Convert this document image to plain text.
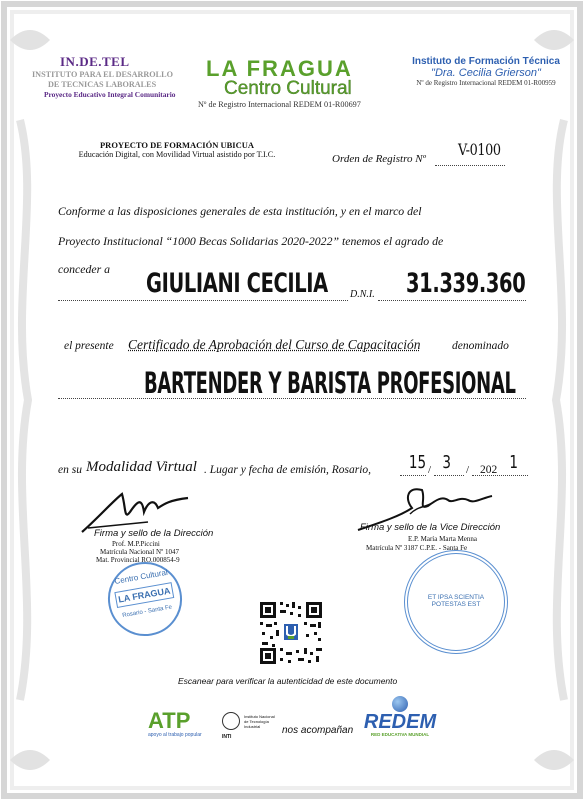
IN.DE.TEL
INSTITUTO PARA EL DESARROLLO
DE TECNICAS LABORALES
Proyecto Educativo Integral Comunitario
LA FRAGUA
Centro Cultural
Nº de Registro Internacional REDEM 01-R00697
Instituto de Formación Técnica
"Dra. Cecilia Grierson"
Nº de Registro Internacional REDEM 01-R00959
PROYECTO DE FORMACIÓN UBICUA
Educación Digital, con Movilidad Virtual asistido por T.I.C.	Orden de Registro Nº V-0100
Conforme a las disposiciones generales de esta institución, y en el marco del
Proyecto Institucional “1000 Becas Solidarias 2020-2022” tenemos el agrado de
conceder a GIULIANI CECILIA D.N.I. 31.339.360
el presente Certificado de Aprobación del Curso de Capacitación	denominado
BARTENDER Y BARISTA PROFESIONAL
en su Modalidad Virtual . Lugar y fecha de emisión, Rosario, 15 / 3 / 202 1
Firma y sello de la Dirección
Prof. M.P.Piccini
Matrícula Nacional Nº 1047
Mat. Provincial RO.000854-9
Centro Cultural
LA FRAGUA
Rosario - Santa Fe
Firma y sello de la Vice Dirección
E.P. María Marta Menna
Matrícula Nº 3187 C.P.E. - Santa Fe
ET IPSA SCIENTIA POTESTAS EST
Escanear para verificar la autenticidad de este documento
ATP
apoyo al trabajo popular	INTI
Instituto Nacional de Tecnología Industrial	nos acompañan REDEM
RED EDUCATIVA MUNDIAL
